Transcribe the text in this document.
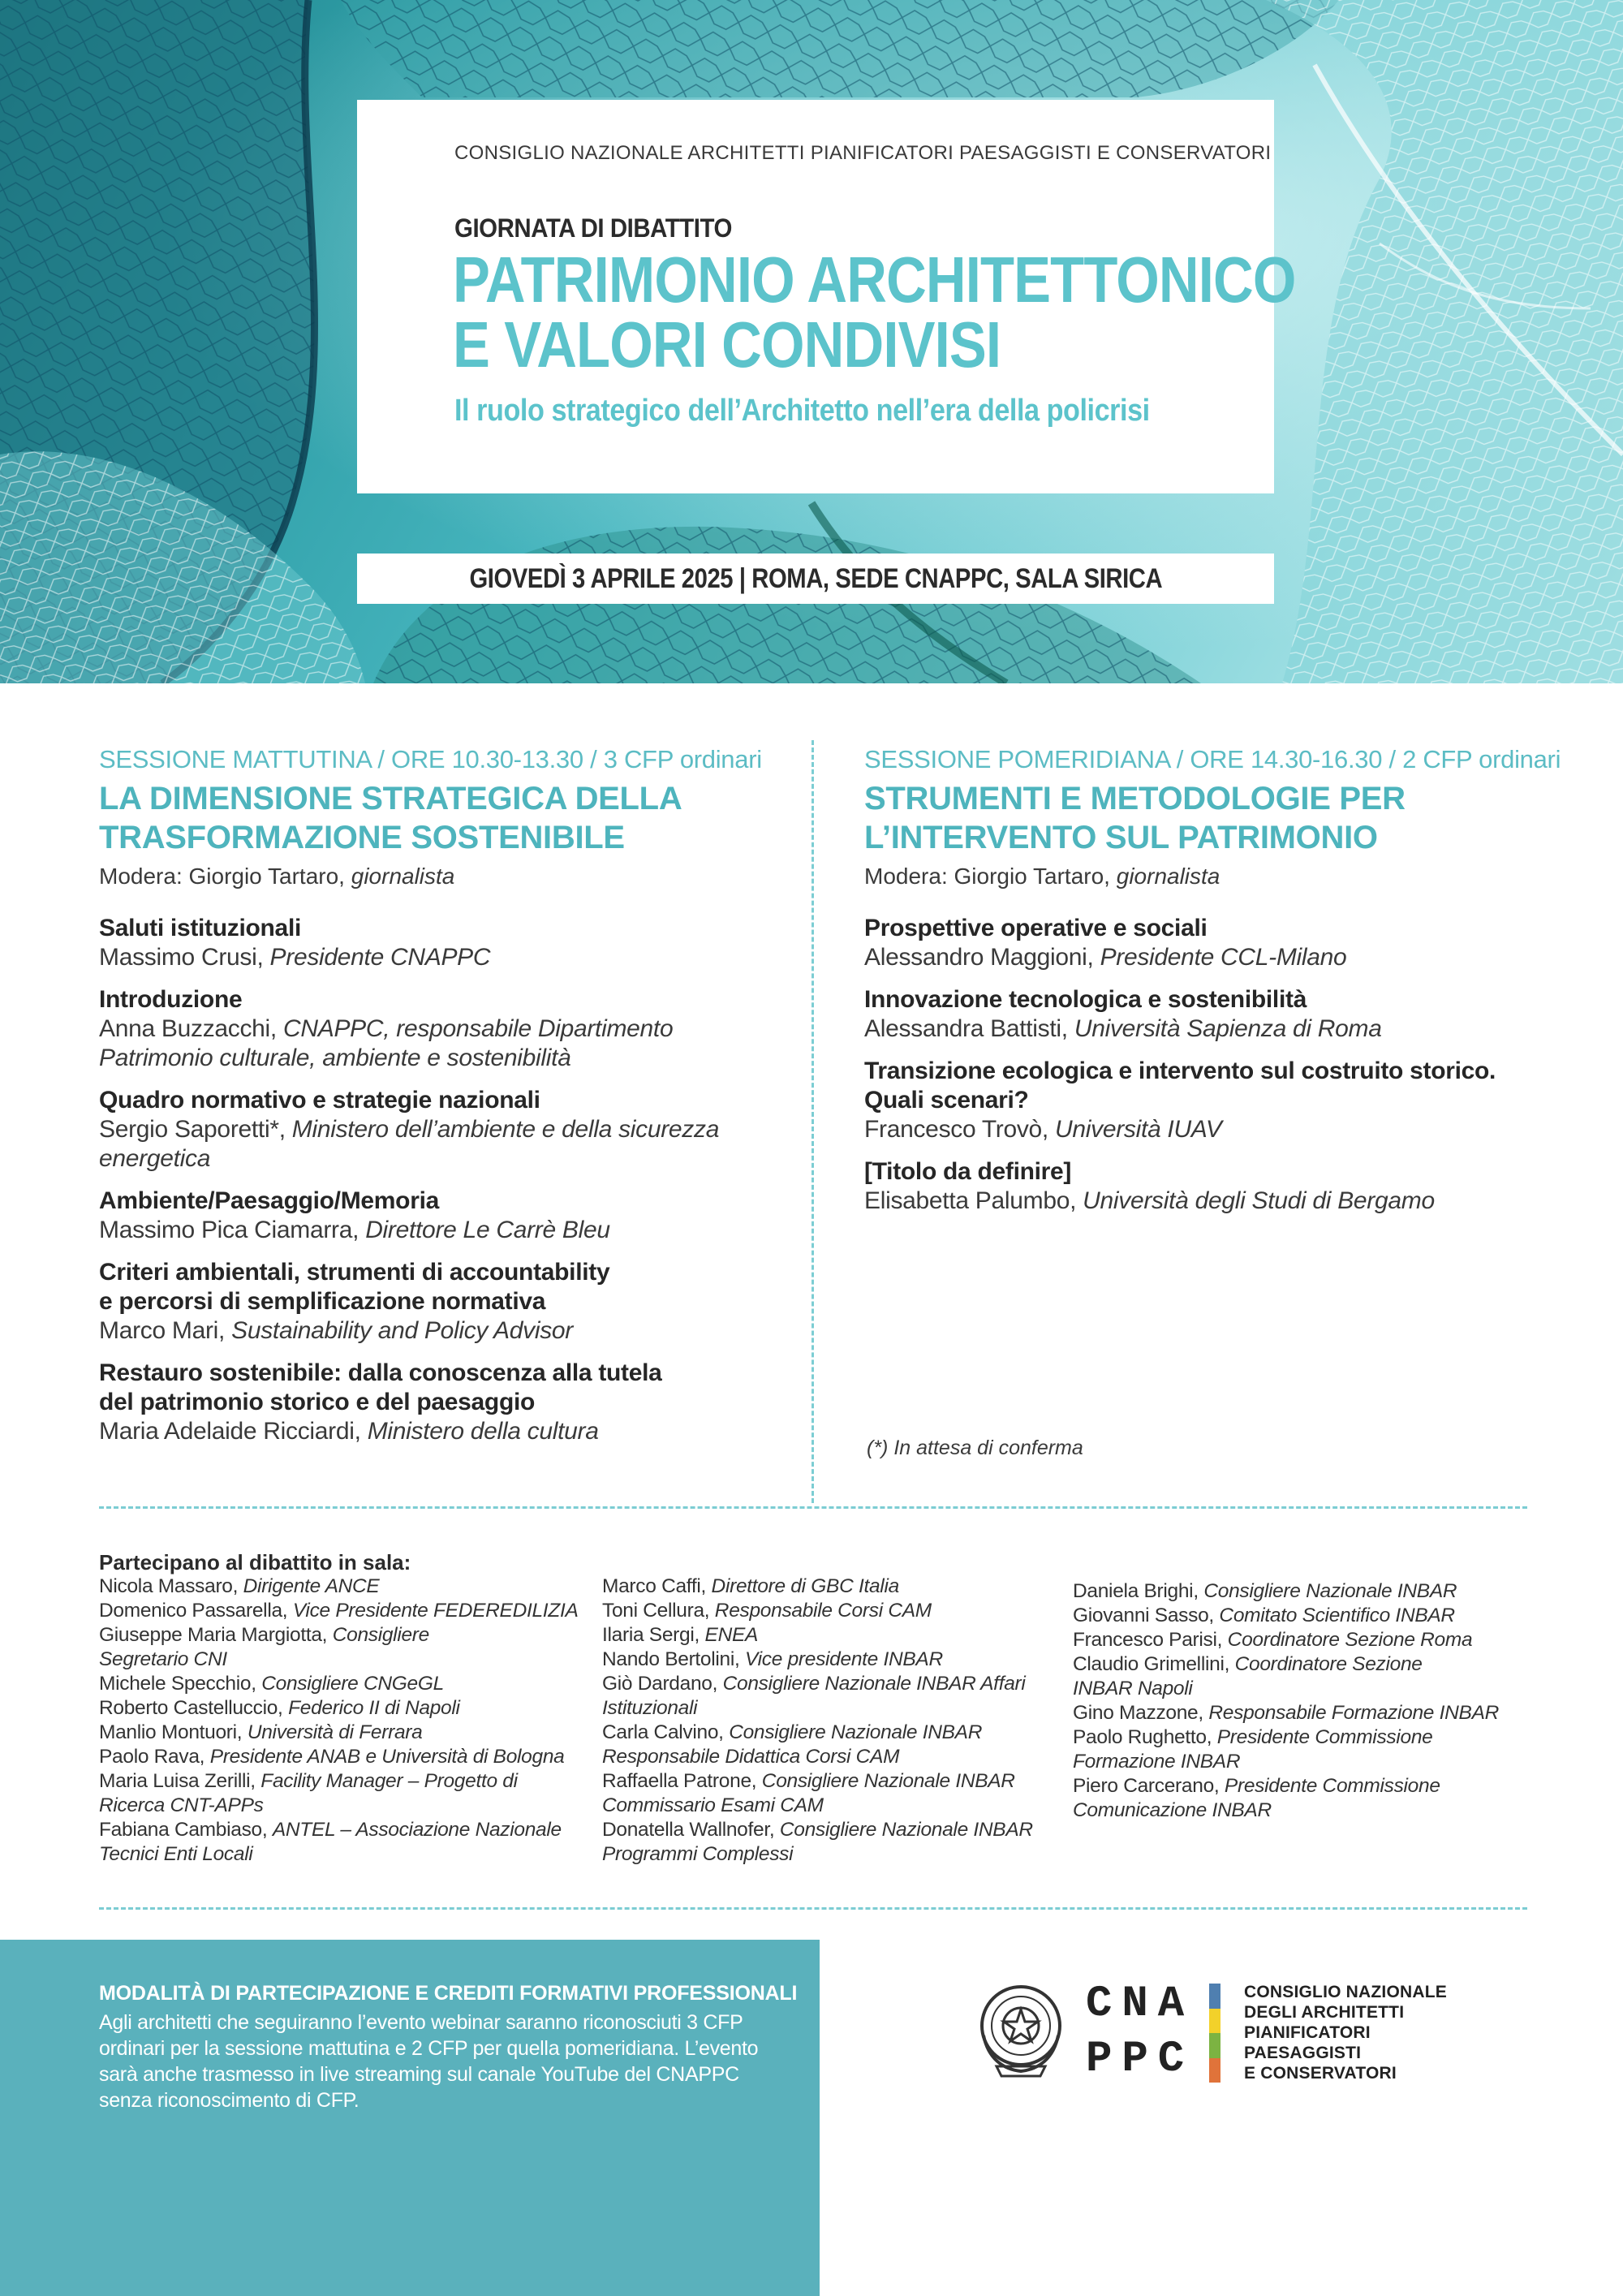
CONSIGLIO NAZIONALE ARCHITETTI PIANIFICATORI PAESAGGISTI E CONSERVATORI
GIORNATA DI DIBATTITO
PATRIMONIO ARCHITETTONICO
E VALORI CONDIVISI
Il ruolo strategico dell’Architetto nell’era della policrisi
GIOVEDÌ 3 APRILE 2025 | ROMA, SEDE CNAPPC, SALA SIRICA
SESSIONE MATTUTINA / ORE 10.30-13.30 / 3 CFP ordinari
LA DIMENSIONE STRATEGICA DELLA
TRASFORMAZIONE SOSTENIBILE
Modera: Giorgio Tartaro, giornalista
Saluti istituzionali
Massimo Crusi, Presidente CNAPPC
Introduzione
Anna Buzzacchi, CNAPPC, responsabile Dipartimento
Patrimonio culturale, ambiente e sostenibilità
Quadro normativo e strategie nazionali
Sergio Saporetti*, Ministero dell’ambiente e della sicurezza
energetica
Ambiente/Paesaggio/Memoria
Massimo Pica Ciamarra, Direttore Le Carrè Bleu
Criteri ambientali, strumenti di accountability
e percorsi di semplificazione normativa
Marco Mari, Sustainability and Policy Advisor
Restauro sostenibile: dalla conoscenza alla tutela
del patrimonio storico e del paesaggio
Maria Adelaide Ricciardi, Ministero della cultura
SESSIONE POMERIDIANA / ORE 14.30-16.30 / 2 CFP ordinari
STRUMENTI E METODOLOGIE PER
L’INTERVENTO SUL PATRIMONIO
Modera: Giorgio Tartaro, giornalista
Prospettive operative e sociali
Alessandro Maggioni, Presidente CCL-Milano
Innovazione tecnologica e sostenibilità
Alessandra Battisti, Università Sapienza di Roma
Transizione ecologica e intervento sul costruito storico.
Quali scenari?
Francesco Trovò, Università IUAV
[Titolo da definire]
Elisabetta Palumbo, Università degli Studi di Bergamo
(*) In attesa di conferma
Partecipano al dibattito in sala:
Nicola Massaro, Dirigente ANCE
Domenico Passarella, Vice Presidente FEDEREDILIZIA
Giuseppe Maria Margiotta, Consigliere
Segretario CNI
Michele Specchio, Consigliere CNGeGL
Roberto Castelluccio, Federico II di Napoli
Manlio Montuori, Università di Ferrara
Paolo Rava, Presidente ANAB e Università di Bologna
Maria Luisa Zerilli, Facility Manager – Progetto di
Ricerca CNT-APPs
Fabiana Cambiaso, ANTEL – Associazione Nazionale
Tecnici Enti Locali
Marco Caffi, Direttore di GBC Italia
Toni Cellura, Responsabile Corsi CAM
Ilaria Sergi, ENEA
Nando Bertolini, Vice presidente INBAR
Giò Dardano, Consigliere Nazionale INBAR Affari
Istituzionali
Carla Calvino, Consigliere Nazionale INBAR
Responsabile Didattica Corsi CAM
Raffaella Patrone, Consigliere Nazionale INBAR
Commissario Esami CAM
Donatella Wallnofer, Consigliere Nazionale INBAR
Programmi Complessi
Daniela Brighi, Consigliere Nazionale INBAR
Giovanni Sasso, Comitato Scientifico INBAR
Francesco Parisi, Coordinatore Sezione Roma
Claudio Grimellini, Coordinatore Sezione
INBAR Napoli
Gino Mazzone, Responsabile Formazione INBAR
Paolo Rughetto, Presidente Commissione
Formazione INBAR
Piero Carcerano, Presidente Commissione
Comunicazione INBAR
MODALITÀ DI PARTECIPAZIONE E CREDITI FORMATIVI PROFESSIONALI
Agli architetti che seguiranno l’evento webinar saranno riconosciuti 3 CFP ordinari per la sessione mattutina e 2 CFP per quella pomeridiana. L’evento sarà anche trasmesso in live streaming sul canale YouTube del CNAPPC senza riconoscimento di CFP.
CNA
PPC
CONSIGLIO NAZIONALE
DEGLI ARCHITETTI
PIANIFICATORI
PAESAGGISTI
E CONSERVATORI
